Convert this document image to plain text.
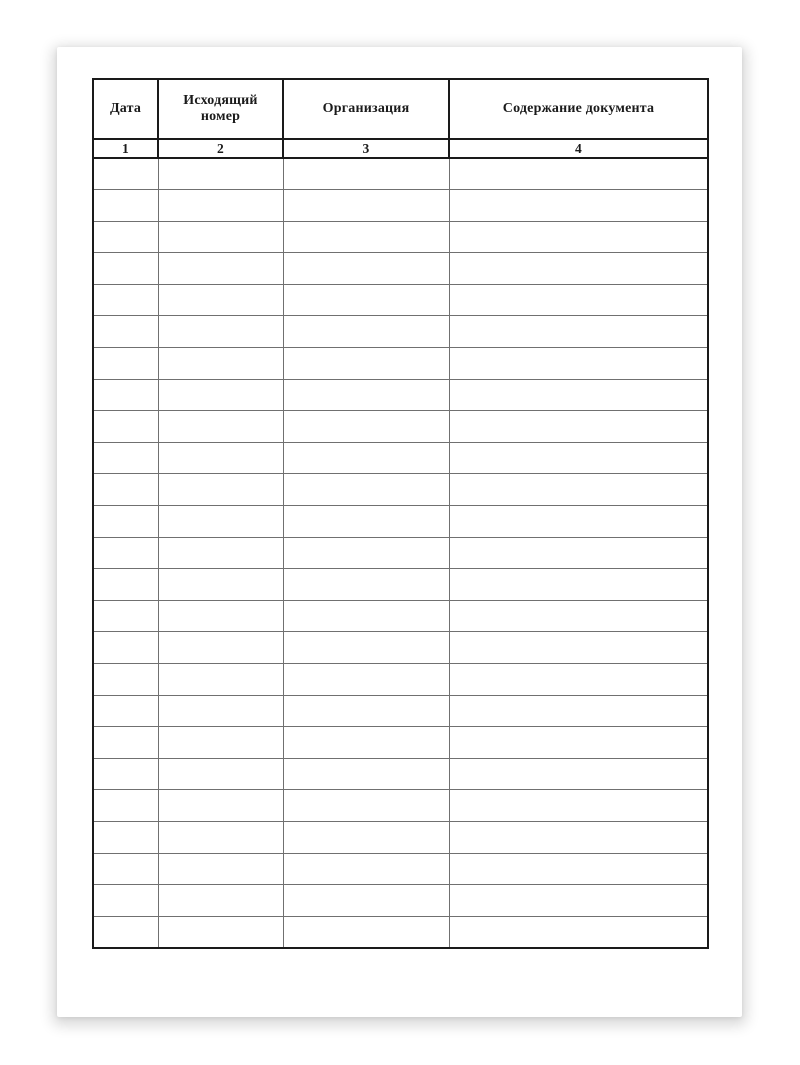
Дата	Исходящий номер	Организация	Содержание документа
1	2	3	4
